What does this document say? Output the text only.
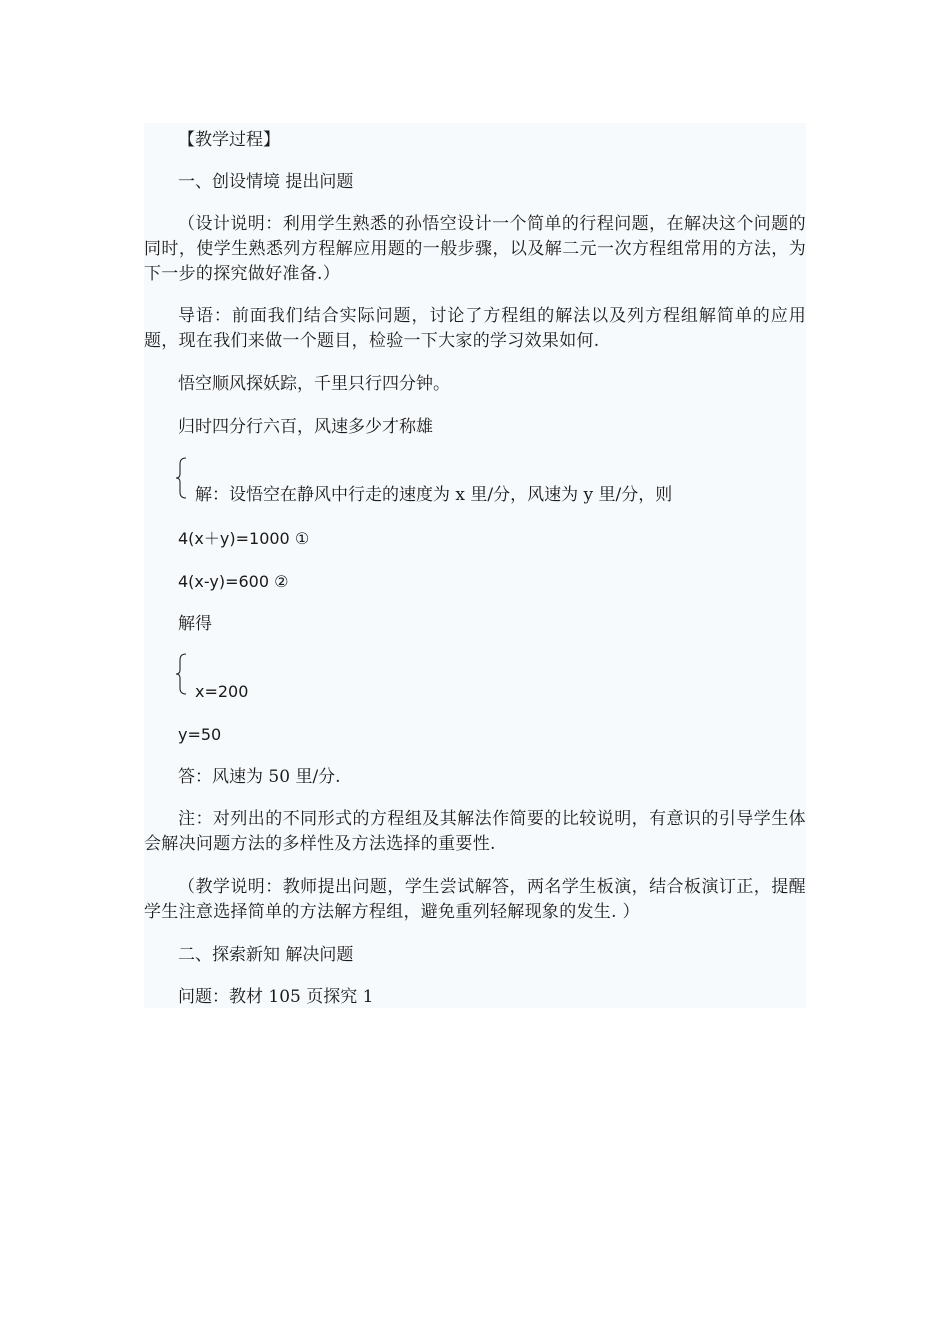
【教学过程】
一、创设情境 提出问题
（设计说明：利用学生熟悉的孙悟空设计一个简单的行程问题，在解决这个问题的同时，使学生熟悉列方程解应用题的一般步骤，以及解二元一次方程组常用的方法，为下一步的探究做好准备.）
导语：前面我们结合实际问题，讨论了方程组的解法以及列方程组解简单的应用题，现在我们来做一个题目，检验一下大家的学习效果如何.
悟空顺风探妖踪，千里只行四分钟。
归时四分行六百，风速多少才称雄
解：设悟空在静风中行走的速度为 x 里/分，风速为 y 里/分，则
4(x＋y)=1000 ①
4(x-y)=600 ②
解得
x=200
y=50
答：风速为 50 里/分.
注：对列出的不同形式的方程组及其解法作简要的比较说明，有意识的引导学生体会解决问题方法的多样性及方法选择的重要性.
（教学说明：教师提出问题，学生尝试解答，两名学生板演，结合板演订正，提醒学生注意选择简单的方法解方程组，避免重列轻解现象的发生. ）
二、探索新知 解决问题
问题：教材 105 页探究 1
